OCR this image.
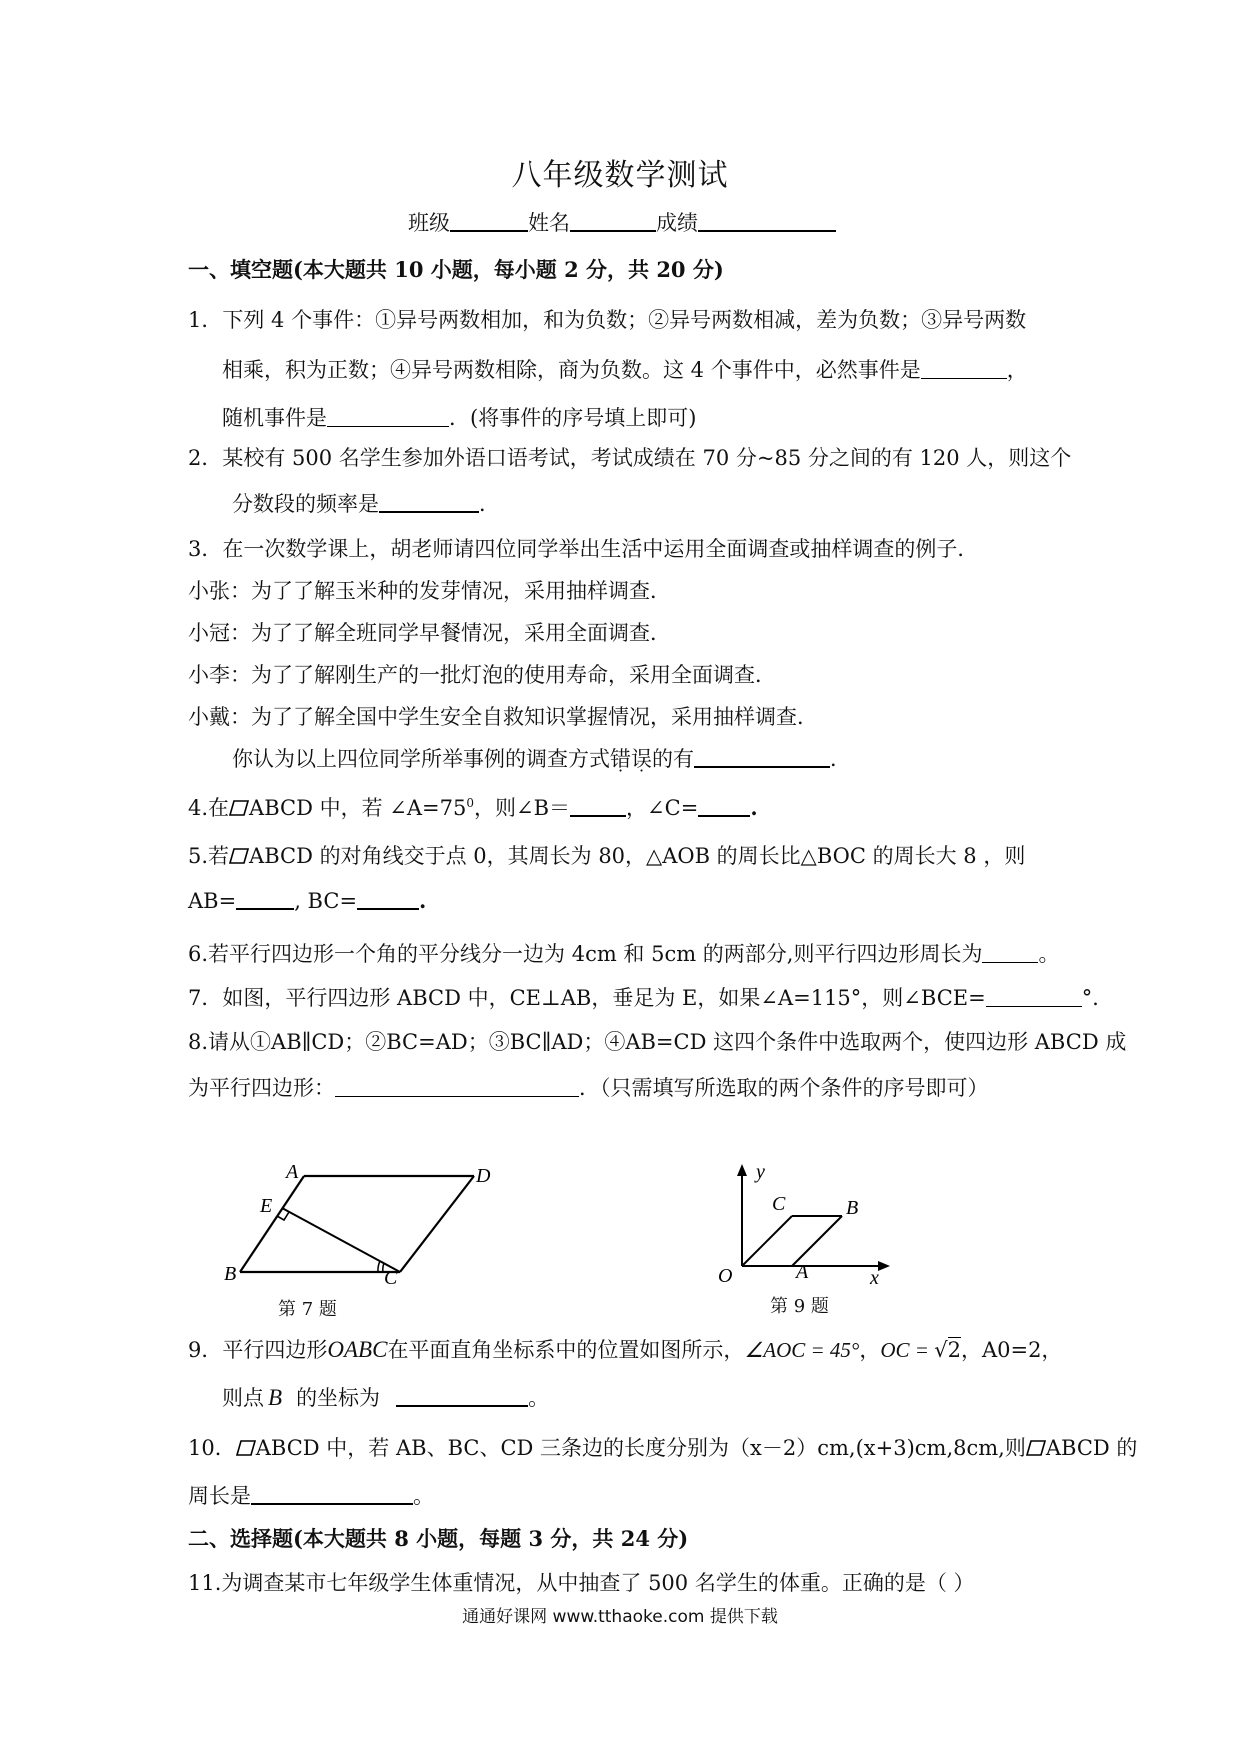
八年级数学测试
班级	姓名	成绩
一、填空题(本大题共 10 小题，每小题 2 分，共 20 分)
1．下列 4 个事件：①异号两数相加，和为负数；②异号两数相减，差为负数；③异号两数
相乘，积为正数；④异号两数相除，商为负数。这 4 个事件中，必然事件是	，
随机事件是	．(将事件的序号填上即可)
2．某校有 500 名学生参加外语口语考试，考试成绩在 70 分~85 分之间的有 120 人，则这个
分数段的频率是	．
3．在一次数学课上，胡老师请四位同学举出生活中运用全面调查或抽样调查的例子．
小张：为了了解玉米种的发芽情况，采用抽样调查．
小冠：为了了解全班同学早餐情况，采用全面调查．
小李：为了了解刚生产的一批灯泡的使用寿命，采用全面调查．
小戴：为了了解全国中学生安全自救知识掌握情况，采用抽样调查．
你认为以上四位同学所举事例的调查方式错误的有	．
4.在 ABCD 中，若 $\angle A=75^0$，则∠B＝	，∠C= .
5.若 ABCD 的对角线交于点 0，其周长为 80，△AOB 的周长比△BOC 的周长大 8 ，则
AB=	, BC=	.
6.若平行四边形一个角的平分线分一边为 4cm 和 5cm 的两部分,则平行四边形周长为	。
7．如图，平行四边形 ABCD 中，CE⊥AB，垂足为 E，如果∠A=115°，则∠BCE=	°．
8.请从①AB∥CD；②BC=AD；③BC∥AD；④AB=CD 这四个条件中选取两个，使四边形 ABCD 成
为平行四边形：	．（只需填写所选取的两个条件的序号即可）
A	D
E
B	C
第 7 题
y
x
O	A
C	B
第 9 题
9．平行四边形OABC在平面直角坐标系中的位置如图所示，∠AOC = 45°，OC = √2，A0=2，
则点 B 的坐标为	。
10． ABCD 中，若 AB、BC、CD 三条边的长度分别为（x－2）cm,(x+3)cm,8cm,则 ABCD 的
周长是	。
二、选择题(本大题共 8 小题，每题 3 分，共 24 分)
11.为调查某市七年级学生体重情况，从中抽查了 500 名学生的体重。正确的是（ ）
通通好课网 www.tthaoke.com 提供下载
